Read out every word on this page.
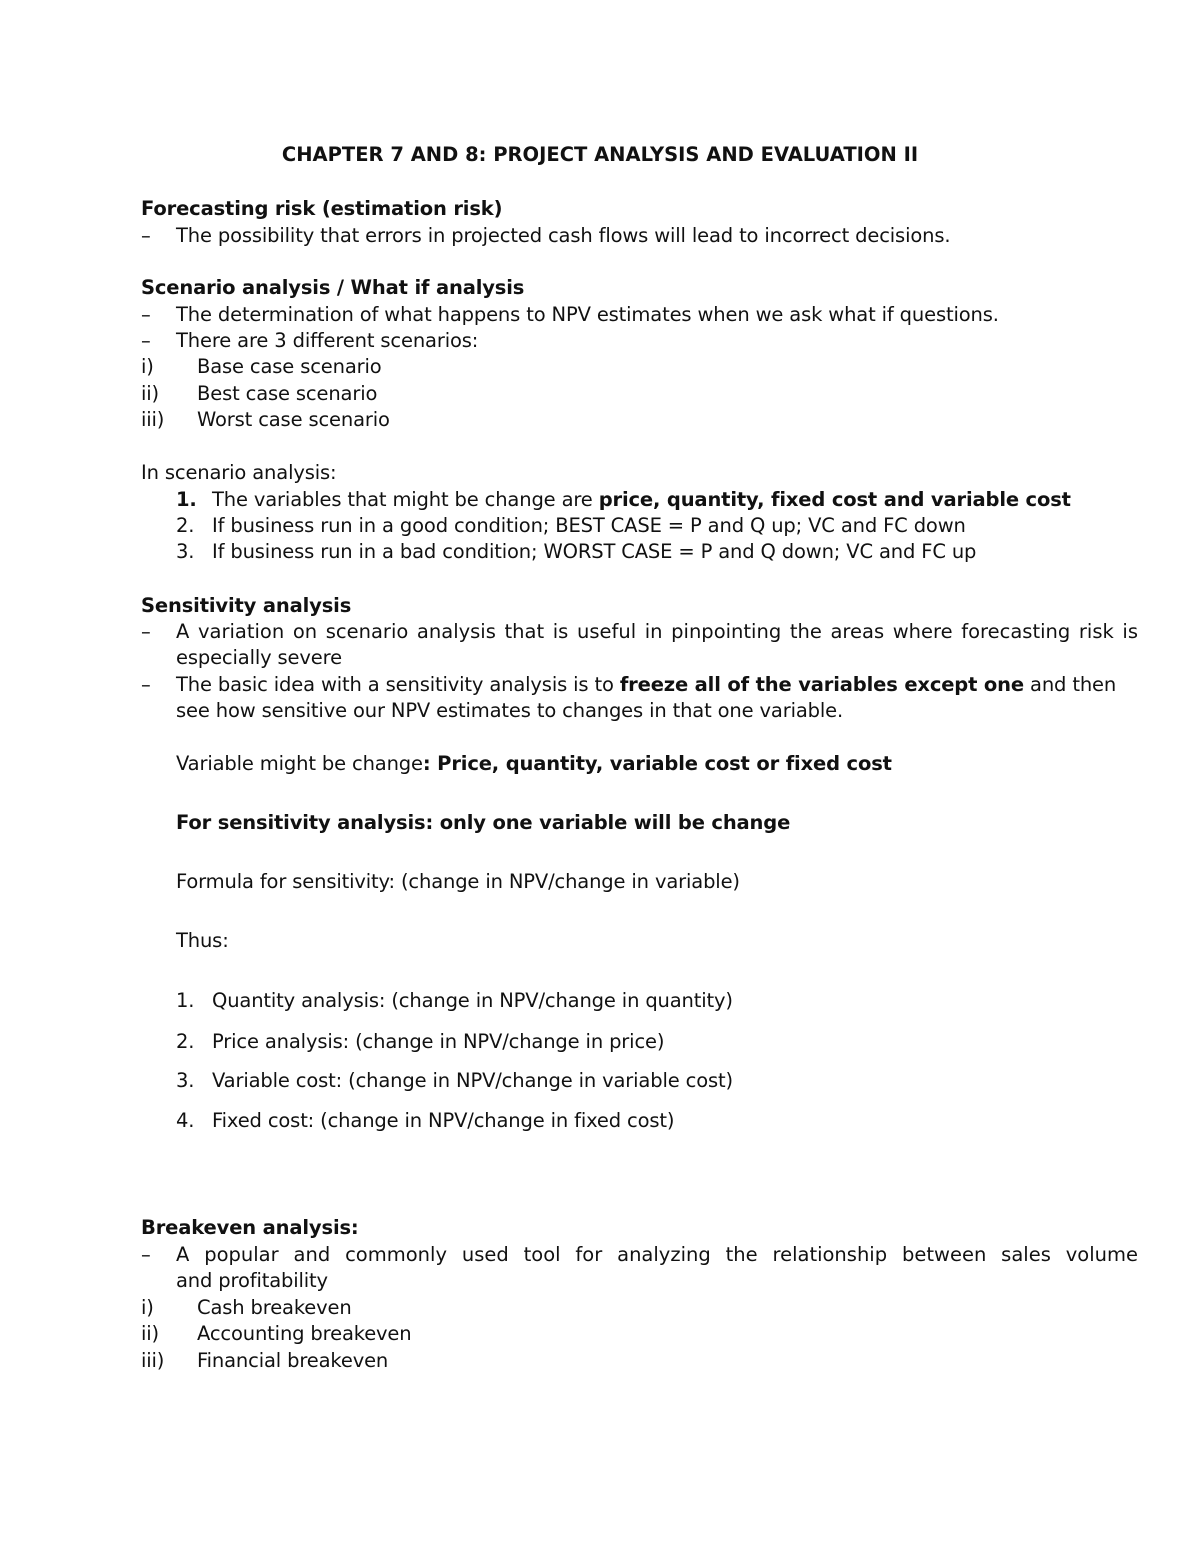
CHAPTER 7 AND 8: PROJECT ANALYSIS AND EVALUATION II
Forecasting risk (estimation risk)
– The possibility that errors in projected cash flows will lead to incorrect decisions.
Scenario analysis / What if analysis
– The determination of what happens to NPV estimates when we ask what if questions.
– There are 3 different scenarios:
i) Base case scenario
ii) Best case scenario
iii) Worst case scenario
In scenario analysis:
1. The variables that might be change are price, quantity, fixed cost and variable cost
2. If business run in a good condition; BEST CASE = P and Q up; VC and FC down
3. If business run in a bad condition; WORST CASE = P and Q down; VC and FC up
Sensitivity analysis
– A variation on scenario analysis that is useful in pinpointing the areas where forecasting risk is
especially severe
– The basic idea with a sensitivity analysis is to freeze all of the variables except one and then
see how sensitive our NPV estimates to changes in that one variable.
Variable might be change: Price, quantity, variable cost or fixed cost
For sensitivity analysis: only one variable will be change
Formula for sensitivity: (change in NPV/change in variable)
Thus:
1. Quantity analysis: (change in NPV/change in quantity)
2. Price analysis: (change in NPV/change in price)
3. Variable cost: (change in NPV/change in variable cost)
4. Fixed cost: (change in NPV/change in fixed cost)
Breakeven analysis:
– A popular and commonly used tool for analyzing the relationship between sales volume
and profitability
i) Cash breakeven
ii) Accounting breakeven
iii) Financial breakeven
